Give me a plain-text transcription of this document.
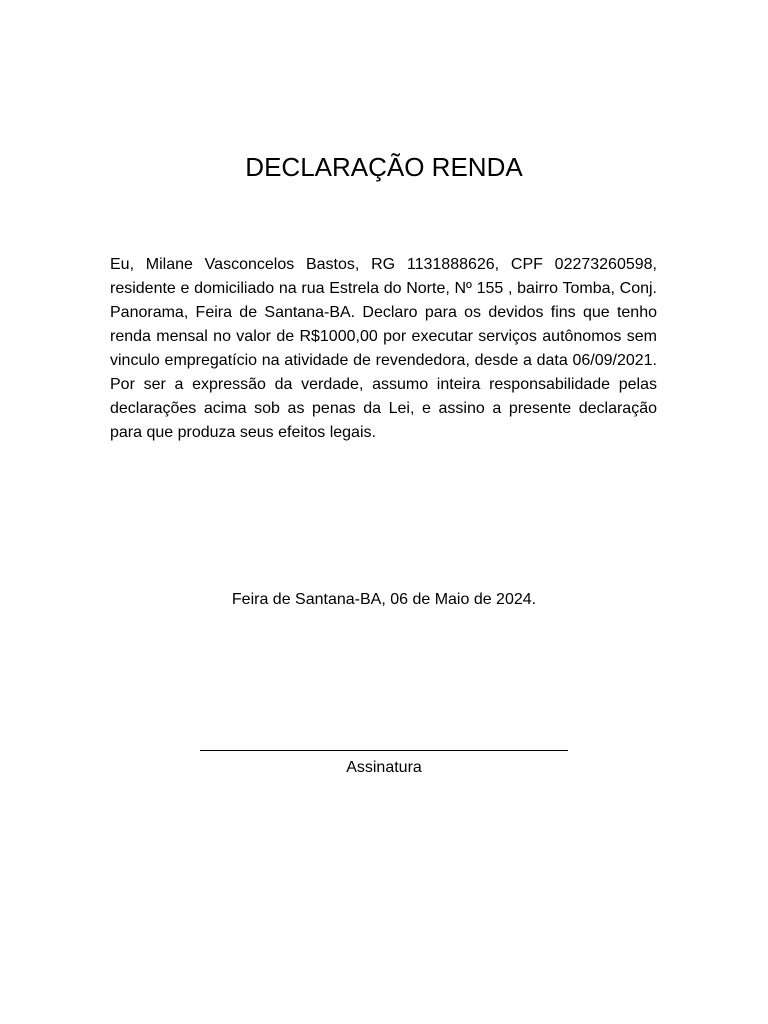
DECLARAÇÃO RENDA

Eu, Milane Vasconcelos Bastos, RG 1131888626, CPF 02273260598, residente e domiciliado na rua Estrela do Norte, Nº 155 , bairro Tomba, Conj. Panorama, Feira de Santana-BA. Declaro para os devidos fins que tenho renda mensal no valor de R$1000,00 por executar serviços autônomos sem vinculo empregatício na atividade de revendedora, desde a data 06/09/2021.

Por ser a expressão da verdade, assumo inteira responsabilidade pelas declarações acima sob as penas da Lei, e assino a presente declaração para que produza seus efeitos legais.

Feira de Santana-BA, 06 de Maio de 2024.
Assinatura
